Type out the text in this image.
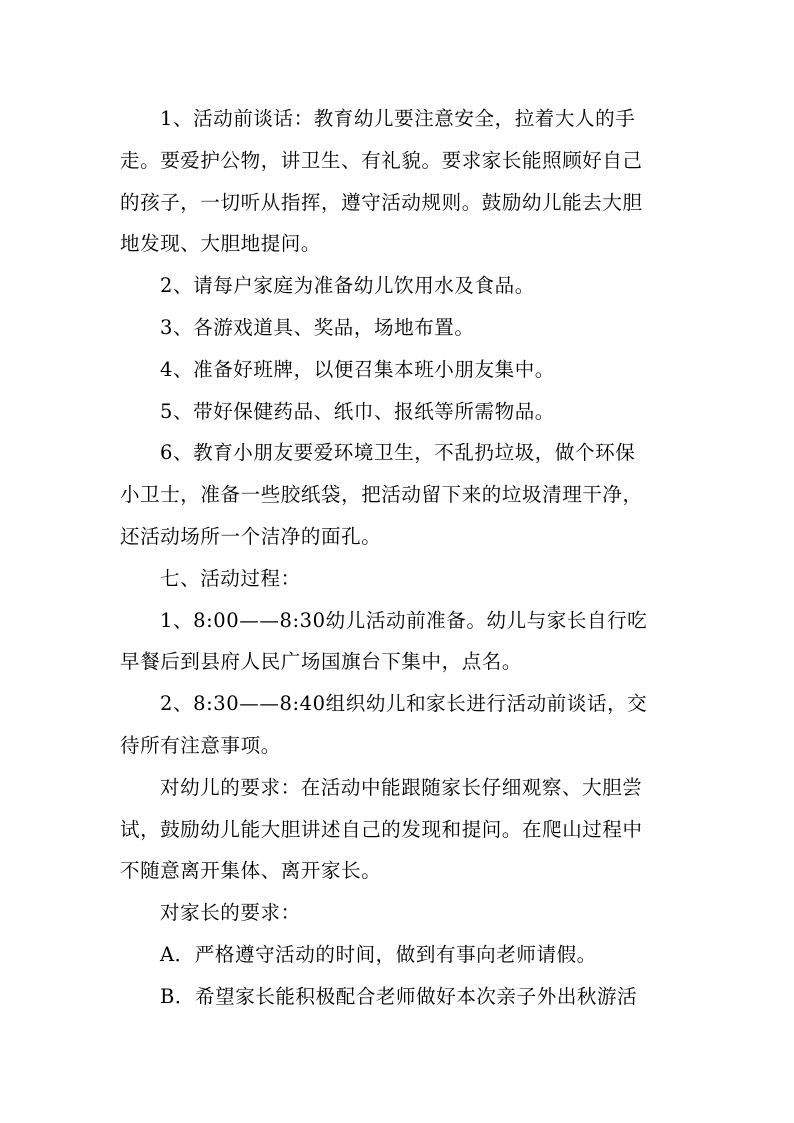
1、活动前谈话：教育幼儿要注意安全，拉着大人的手
走。要爱护公物，讲卫生、有礼貌。要求家长能照顾好自己
的孩子，一切听从指挥，遵守活动规则。鼓励幼儿能去大胆
地发现、大胆地提问。
2、请每户家庭为准备幼儿饮用水及食品。
3、各游戏道具、奖品，场地布置。
4、准备好班牌，以便召集本班小朋友集中。
5、带好保健药品、纸巾、报纸等所需物品。
6、教育小朋友要爱环境卫生，不乱扔垃圾，做个环保
小卫士，准备一些胶纸袋，把活动留下来的垃圾清理干净，
还活动场所一个洁净的面孔。
七、活动过程：
1、8:00——8:30幼儿活动前准备。幼儿与家长自行吃
早餐后到县府人民广场国旗台下集中，点名。
2、8:30——8:40组织幼儿和家长进行活动前谈话，交
待所有注意事项。
对幼儿的要求：在活动中能跟随家长仔细观察、大胆尝
试，鼓励幼儿能大胆讲述自己的发现和提问。在爬山过程中
不随意离开集体、离开家长。
对家长的要求：
A．严格遵守活动的时间，做到有事向老师请假。
B．希望家长能积极配合老师做好本次亲子外出秋游活
